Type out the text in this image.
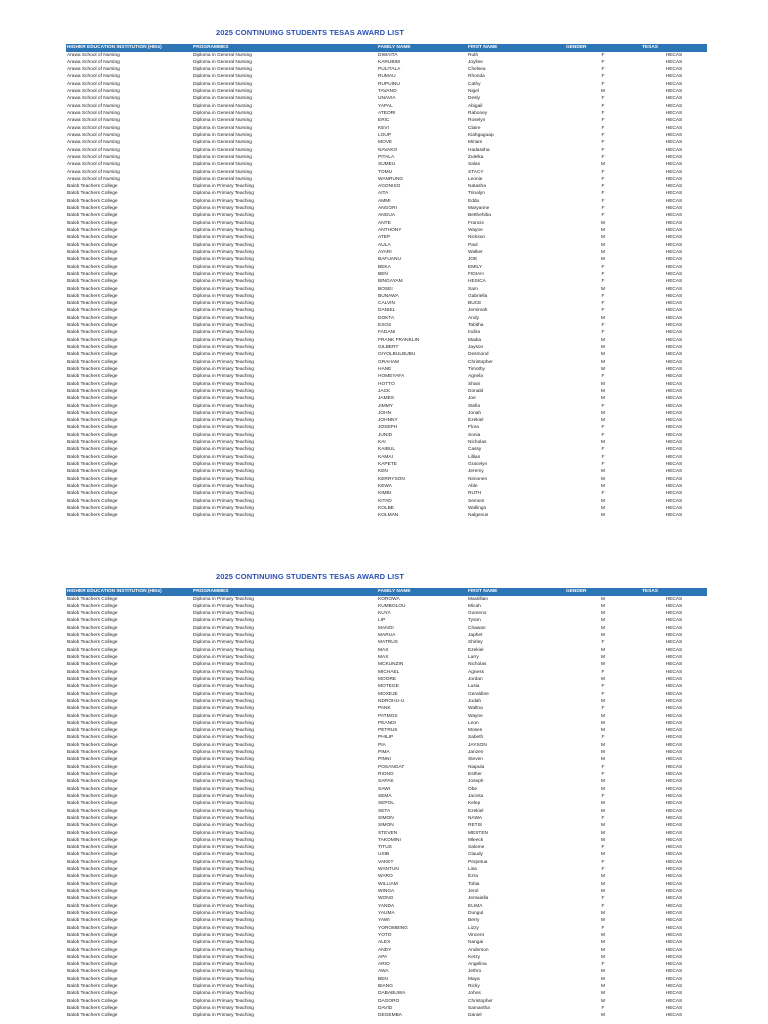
2025 CONTINUING STUDENTS TESAS AWARD LIST
HIGHER EDUCATION INSTITUTION (HEIs)	PROGRAMMES	FAMILY NAME	FIRST NAME	GENDER	TESAS
Arawa School of Nursing	Diploma in General Nursing	DIWAITA	Ruth	F	HECAS
Arawa School of Nursing	Diploma in General Nursing	KARUBIM	Joyline	F	HECAS
Arawa School of Nursing	Diploma in General Nursing	PULITALA	Chelsea	F	HECAS
Arawa School of Nursing	Diploma in General Nursing	RUMAU	Rhonda	F	HECAS
Arawa School of Nursing	Diploma in General Nursing	RUPUINU	Cathy	F	HECAS
Arawa School of Nursing	Diploma in General Nursing	TAVANO	Nigel	M	HECAS
Arawa School of Nursing	Diploma in General Nursing	UNAVIA	Desly	F	HECAS
Arawa School of Nursing	Diploma in General Nursing	YAPAL	Abigail	F	HECAS
Arawa School of Nursing	Diploma in General Nursing	ATEORI	Raboney	F	HECAS
Arawa School of Nursing	Diploma in General Nursing	ERIC	Roselyn	F	HECAS
Arawa School of Nursing	Diploma in General Nursing	KEVI	Claire	F	HECAS
Arawa School of Nursing	Diploma in General Nursing	LOUP	Kiahgaguap	F	HECAS
Arawa School of Nursing	Diploma in General Nursing	MOVE	Miriam	F	HECAS
Arawa School of Nursing	Diploma in General Nursing	NAVAKO	Hadassha	F	HECAS
Arawa School of Nursing	Diploma in General Nursing	PITALA	Zulelka	F	HECAS
Arawa School of Nursing	Diploma in General Nursing	SUMEU	Salas	M	HECAS
Arawa School of Nursing	Diploma in General Nursing	TOMU	STACY	F	HECAS
Arawa School of Nursing	Diploma in General Nursing	WANRUNG	Leonie	F	HECAS
Balob Teachers College	Diploma in Primary Teaching	AGONISO	Natasha	F	HECAS
Balob Teachers College	Diploma in Primary Teaching	AITA	Trinalyn	F	HECAS
Balob Teachers College	Diploma in Primary Teaching	AMMI	Eddu	F	HECAS
Balob Teachers College	Diploma in Primary Teaching	ANGORI	Maryanne	F	HECAS
Balob Teachers College	Diploma in Primary Teaching	ANGUA	Betthehiba	F	HECAS
Balob Teachers College	Diploma in Primary Teaching	ANTE	Francis	M	HECAS
Balob Teachers College	Diploma in Primary Teaching	ANTHONY	Wayne	M	HECAS
Balob Teachers College	Diploma in Primary Teaching	ATEP	Nickson	M	HECAS
Balob Teachers College	Diploma in Primary Teaching	AULA	Paul	M	HECAS
Balob Teachers College	Diploma in Primary Teaching	AYARI	Walker	M	HECAS
Balob Teachers College	Diploma in Primary Teaching	BAFUANU	JOE	M	HECAS
Balob Teachers College	Diploma in Primary Teaching	BEKA	EMILY	F	HECAS
Balob Teachers College	Diploma in Primary Teaching	BEN	FIDIAH	F	HECAS
Balob Teachers College	Diploma in Primary Teaching	BINGAYAM	HESICA	F	HECAS
Balob Teachers College	Diploma in Primary Teaching	BOSEI	Sam	M	HECAS
Balob Teachers College	Diploma in Primary Teaching	BUNAWA	Gabriella	F	HECAS
Balob Teachers College	Diploma in Primary Teaching	CALVIN	BUCE	F	HECAS
Balob Teachers College	Diploma in Primary Teaching	DANIEL	Jemimah	F	HECAS
Balob Teachers College	Diploma in Primary Teaching	DOKTA	Andy	M	HECAS
Balob Teachers College	Diploma in Primary Teaching	ESOS	Tabitha	F	HECAS
Balob Teachers College	Diploma in Primary Teaching	FADANI	Indira	F	HECAS
Balob Teachers College	Diploma in Primary Teaching	FRANK FRANKLIN	Madia	M	HECAS
Balob Teachers College	Diploma in Primary Teaching	GILBERT	Jayson	M	HECAS
Balob Teachers College	Diploma in Primary Teaching	GIYOLBULBUBU	Desmond	M	HECAS
Balob Teachers College	Diploma in Primary Teaching	GRAHAM	Christopher	M	HECAS
Balob Teachers College	Diploma in Primary Teaching	HANE	Timothy	M	HECAS
Balob Teachers College	Diploma in Primary Teaching	HOMEYAFA	Agnela	F	HECAS
Balob Teachers College	Diploma in Primary Teaching	HOTTO	Shani	M	HECAS
Balob Teachers College	Diploma in Primary Teaching	JACK	Donald	M	HECAS
Balob Teachers College	Diploma in Primary Teaching	JAMES	Joe	M	HECAS
Balob Teachers College	Diploma in Primary Teaching	JIMMY	Stella	F	HECAS
Balob Teachers College	Diploma in Primary Teaching	JOHN	Jonah	M	HECAS
Balob Teachers College	Diploma in Primary Teaching	JOHNNY	Ezekiel	M	HECAS
Balob Teachers College	Diploma in Primary Teaching	JOSEPH	Flora	F	HECAS
Balob Teachers College	Diploma in Primary Teaching	JUNID	Sonia	F	HECAS
Balob Teachers College	Diploma in Primary Teaching	KAI	Nicholas	M	HECAS
Balob Teachers College	Diploma in Primary Teaching	KAIBUL	Cassy	F	HECAS
Balob Teachers College	Diploma in Primary Teaching	KAMAI	Lillian	F	HECAS
Balob Teachers College	Diploma in Primary Teaching	KAPETE	Gracelyn	F	HECAS
Balob Teachers College	Diploma in Primary Teaching	KEN	Jeremy	M	HECAS
Balob Teachers College	Diploma in Primary Teaching	KERRYSON	Nimonen	M	HECAS
Balob Teachers College	Diploma in Primary Teaching	KEWA	Able	M	HECAS
Balob Teachers College	Diploma in Primary Teaching	KIMBI	RUTH	F	HECAS
Balob Teachers College	Diploma in Primary Teaching	KITAD	Semion	M	HECAS
Balob Teachers College	Diploma in Primary Teaching	KOLBE	Wallingo	M	HECAS
Balob Teachers College	Diploma in Primary Teaching	KOLMAN	Nalgenus	M	HECAS
2025 CONTINUING STUDENTS TESAS AWARD LIST
HIGHER EDUCATION INSTITUTION (HEIs)	PROGRAMMES	FAMILY NAME	FIRST NAME	GENDER	TESAS
Balob Teachers College	Diploma in Primary Teaching	KOROWA	Maxtillian	M	HECAS
Balob Teachers College	Diploma in Primary Teaching	KUMBOLOU	Micah	M	HECAS
Balob Teachers College	Diploma in Primary Teaching	KUYA	Gumeno	M	HECAS
Balob Teachers College	Diploma in Primary Teaching	LIP	Tyson	M	HECAS
Balob Teachers College	Diploma in Primary Teaching	MANOI	Chawan	M	HECAS
Balob Teachers College	Diploma in Primary Teaching	MARUA	Japhet	M	HECAS
Balob Teachers College	Diploma in Primary Teaching	MATRUS	Shirley	F	HECAS
Balob Teachers College	Diploma in Primary Teaching	MAX	Ezekiel	M	HECAS
Balob Teachers College	Diploma in Primary Teaching	MAX	Larry	M	HECAS
Balob Teachers College	Diploma in Primary Teaching	MCKUNZIN	Nicholas	M	HECAS
Balob Teachers College	Diploma in Primary Teaching	MICHAEL	Agness	F	HECAS
Balob Teachers College	Diploma in Primary Teaching	MOORE	Jordan	M	HECAS
Balob Teachers College	Diploma in Primary Teaching	MOTEGE	Lusia	F	HECAS
Balob Teachers College	Diploma in Primary Teaching	MOXEJE	Geraldine	F	HECAS
Balob Teachers College	Diploma in Primary Teaching	NDROHU-U	Judah	M	HECAS
Balob Teachers College	Diploma in Primary Teaching	PANK	Waltna	F	HECAS
Balob Teachers College	Diploma in Primary Teaching	PATMOS	Wayne	M	HECAS
Balob Teachers College	Diploma in Primary Teaching	PEANDI	Leon	M	HECAS
Balob Teachers College	Diploma in Primary Teaching	PETRUS	Moses	M	HECAS
Balob Teachers College	Diploma in Primary Teaching	PHILIP	Sabeth	F	HECAS
Balob Teachers College	Diploma in Primary Teaching	PIA	JAYSON	M	HECAS
Balob Teachers College	Diploma in Primary Teaching	PIMA	Janzen	M	HECAS
Balob Teachers College	Diploma in Primary Teaching	PINNI	Steven	M	HECAS
Balob Teachers College	Diploma in Primary Teaching	POSANGAT	Niapula	F	HECAS
Balob Teachers College	Diploma in Primary Teaching	RIONG	Esther	F	HECAS
Balob Teachers College	Diploma in Primary Teaching	SAPAK	Joseph	M	HECAS
Balob Teachers College	Diploma in Primary Teaching	SAWI	Obe	M	HECAS
Balob Teachers College	Diploma in Primary Teaching	SEMA	Jacinta	F	HECAS
Balob Teachers College	Diploma in Primary Teaching	SEPOL	Kelep	M	HECAS
Balob Teachers College	Diploma in Primary Teaching	SETA	Ezekiel	M	HECAS
Balob Teachers College	Diploma in Primary Teaching	SIMON	NAWA	F	HECAS
Balob Teachers College	Diploma in Primary Teaching	SIMON	RETIS	M	HECAS
Balob Teachers College	Diploma in Primary Teaching	STEVEN	MESTEN	M	HECAS
Balob Teachers College	Diploma in Primary Teaching	TAKOMINI	Mleeck	M	HECAS
Balob Teachers College	Diploma in Primary Teaching	TITUS	Salome	F	HECAS
Balob Teachers College	Diploma in Primary Teaching	USIB	Claudy	M	HECAS
Balob Teachers College	Diploma in Primary Teaching	VAKET	Perpetua	F	HECAS
Balob Teachers College	Diploma in Primary Teaching	WANTUN	Lisa	F	HECAS
Balob Teachers College	Diploma in Primary Teaching	WARO	Ezra	M	HECAS
Balob Teachers College	Diploma in Primary Teaching	WILLIAM	Tobia	M	HECAS
Balob Teachers College	Diploma in Primary Teaching	WINGA	Jerol	M	HECAS
Balob Teachers College	Diploma in Primary Teaching	WONG	Jemaiella	F	HECAS
Balob Teachers College	Diploma in Primary Teaching	YANDA	ELIMA	F	HECAS
Balob Teachers College	Diploma in Primary Teaching	YAUMA	Dungul	M	HECAS
Balob Teachers College	Diploma in Primary Teaching	YAWI	Berry	M	HECAS
Balob Teachers College	Diploma in Primary Teaching	YOROMBING	Lizzy	F	HECAS
Balob Teachers College	Diploma in Primary Teaching	YOTO	Vincent	M	HECAS
Balob Teachers College	Diploma in Primary Teaching	ALEX	Nangai	M	HECAS
Balob Teachers College	Diploma in Primary Teaching	ANDY	Anderson	M	HECAS
Balob Teachers College	Diploma in Primary Teaching	APA	Ketzy	M	HECAS
Balob Teachers College	Diploma in Primary Teaching	ARIO	Angelina	F	HECAS
Balob Teachers College	Diploma in Primary Teaching	AWA	Jethro	M	HECAS
Balob Teachers College	Diploma in Primary Teaching	BEN	Maya	M	HECAS
Balob Teachers College	Diploma in Primary Teaching	BIANG	Ricky	M	HECAS
Balob Teachers College	Diploma in Primary Teaching	DABABUWA	Johns	M	HECAS
Balob Teachers College	Diploma in Primary Teaching	DAGORO	Christopher	M	HECAS
Balob Teachers College	Diploma in Primary Teaching	DAVID	Samantha	F	HECAS
Balob Teachers College	Diploma in Primary Teaching	DEGEMBA	Daniel	M	HECAS
